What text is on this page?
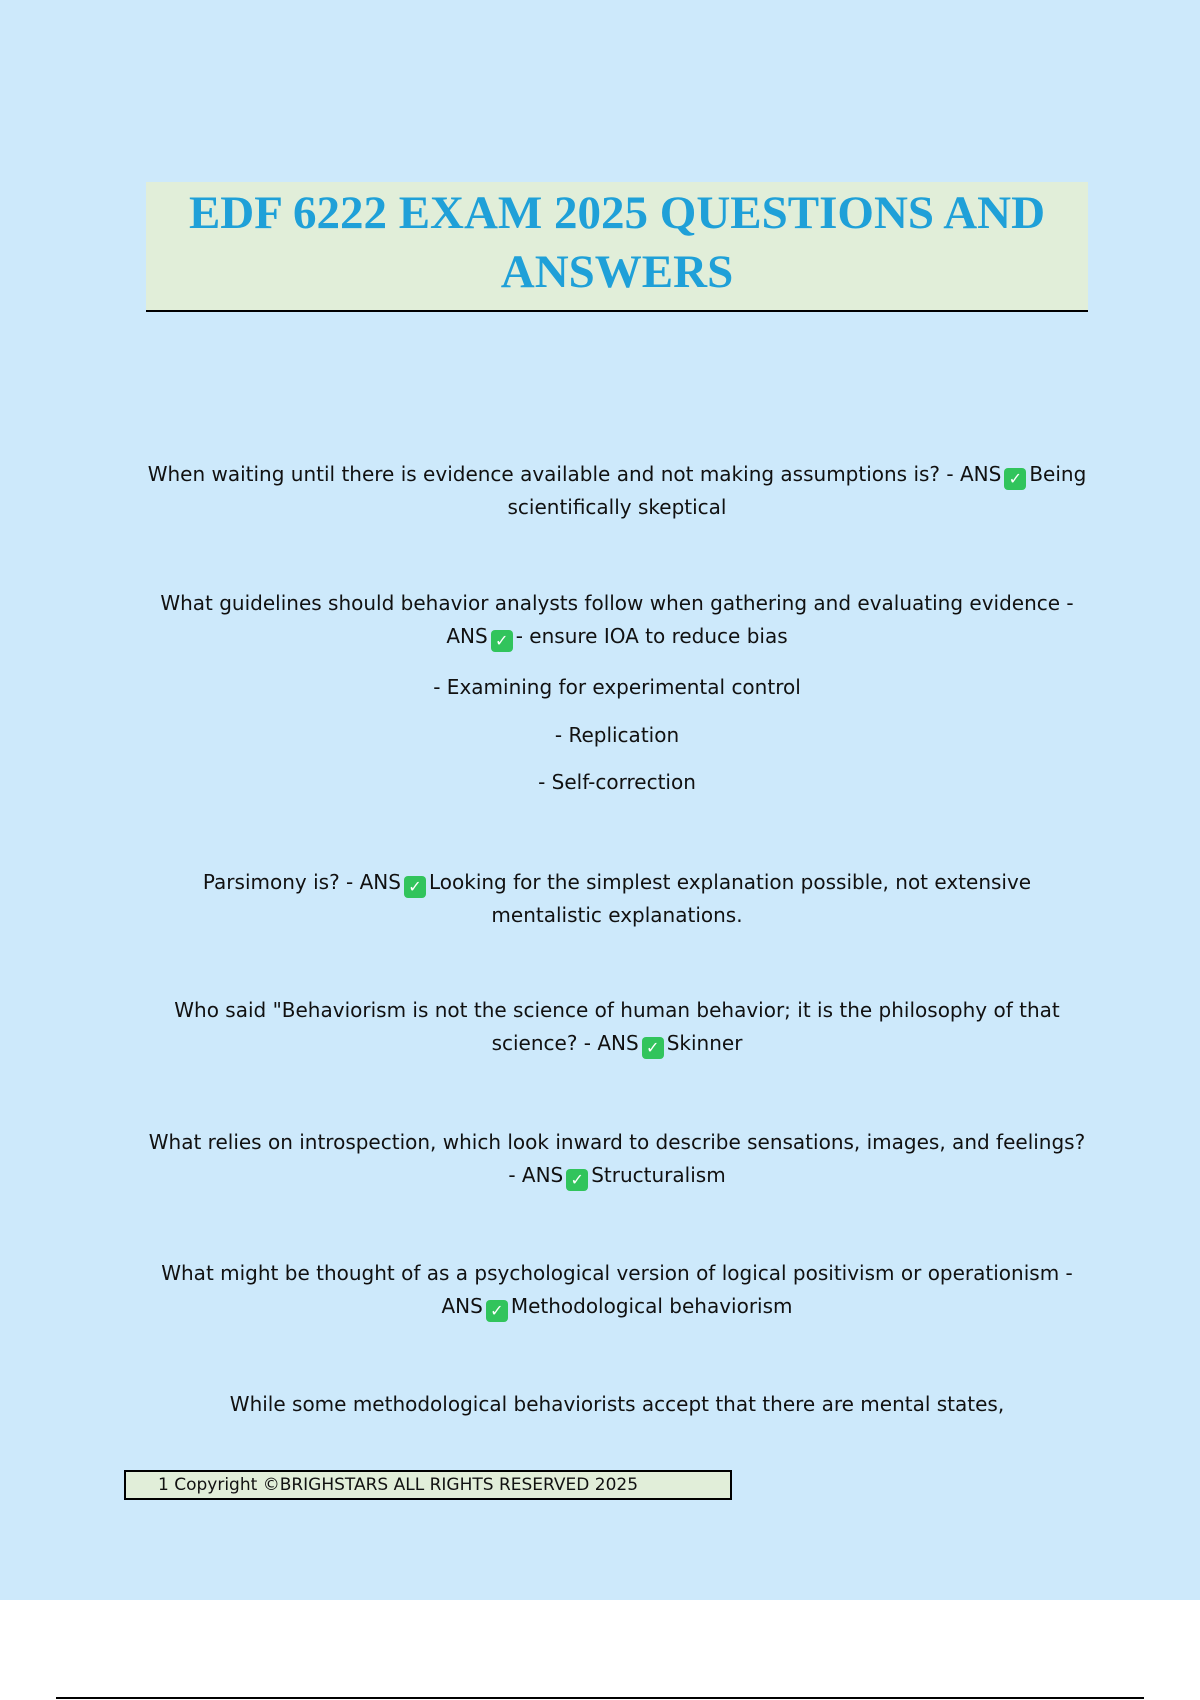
EDF 6222 EXAM 2025 QUESTIONS AND ANSWERS
When waiting until there is evidence available and not making assumptions is? - ANS ✓ Being scientifically skeptical
What guidelines should behavior analysts follow when gathering and evaluating evidence - ANS ✓ - ensure IOA to reduce bias
- Examining for experimental control
- Replication
- Self-correction
Parsimony is? - ANS ✓ Looking for the simplest explanation possible, not extensive mentalistic explanations.
Who said "Behaviorism is not the science of human behavior; it is the philosophy of that science? - ANS ✓ Skinner
What relies on introspection, which look inward to describe sensations, images, and feelings? - ANS ✓ Structuralism
What might be thought of as a psychological version of logical positivism or operationism - ANS ✓ Methodological behaviorism
While some methodological behaviorists accept that there are mental states,
1 Copyright ©BRIGHSTARS ALL RIGHTS RESERVED 2025
